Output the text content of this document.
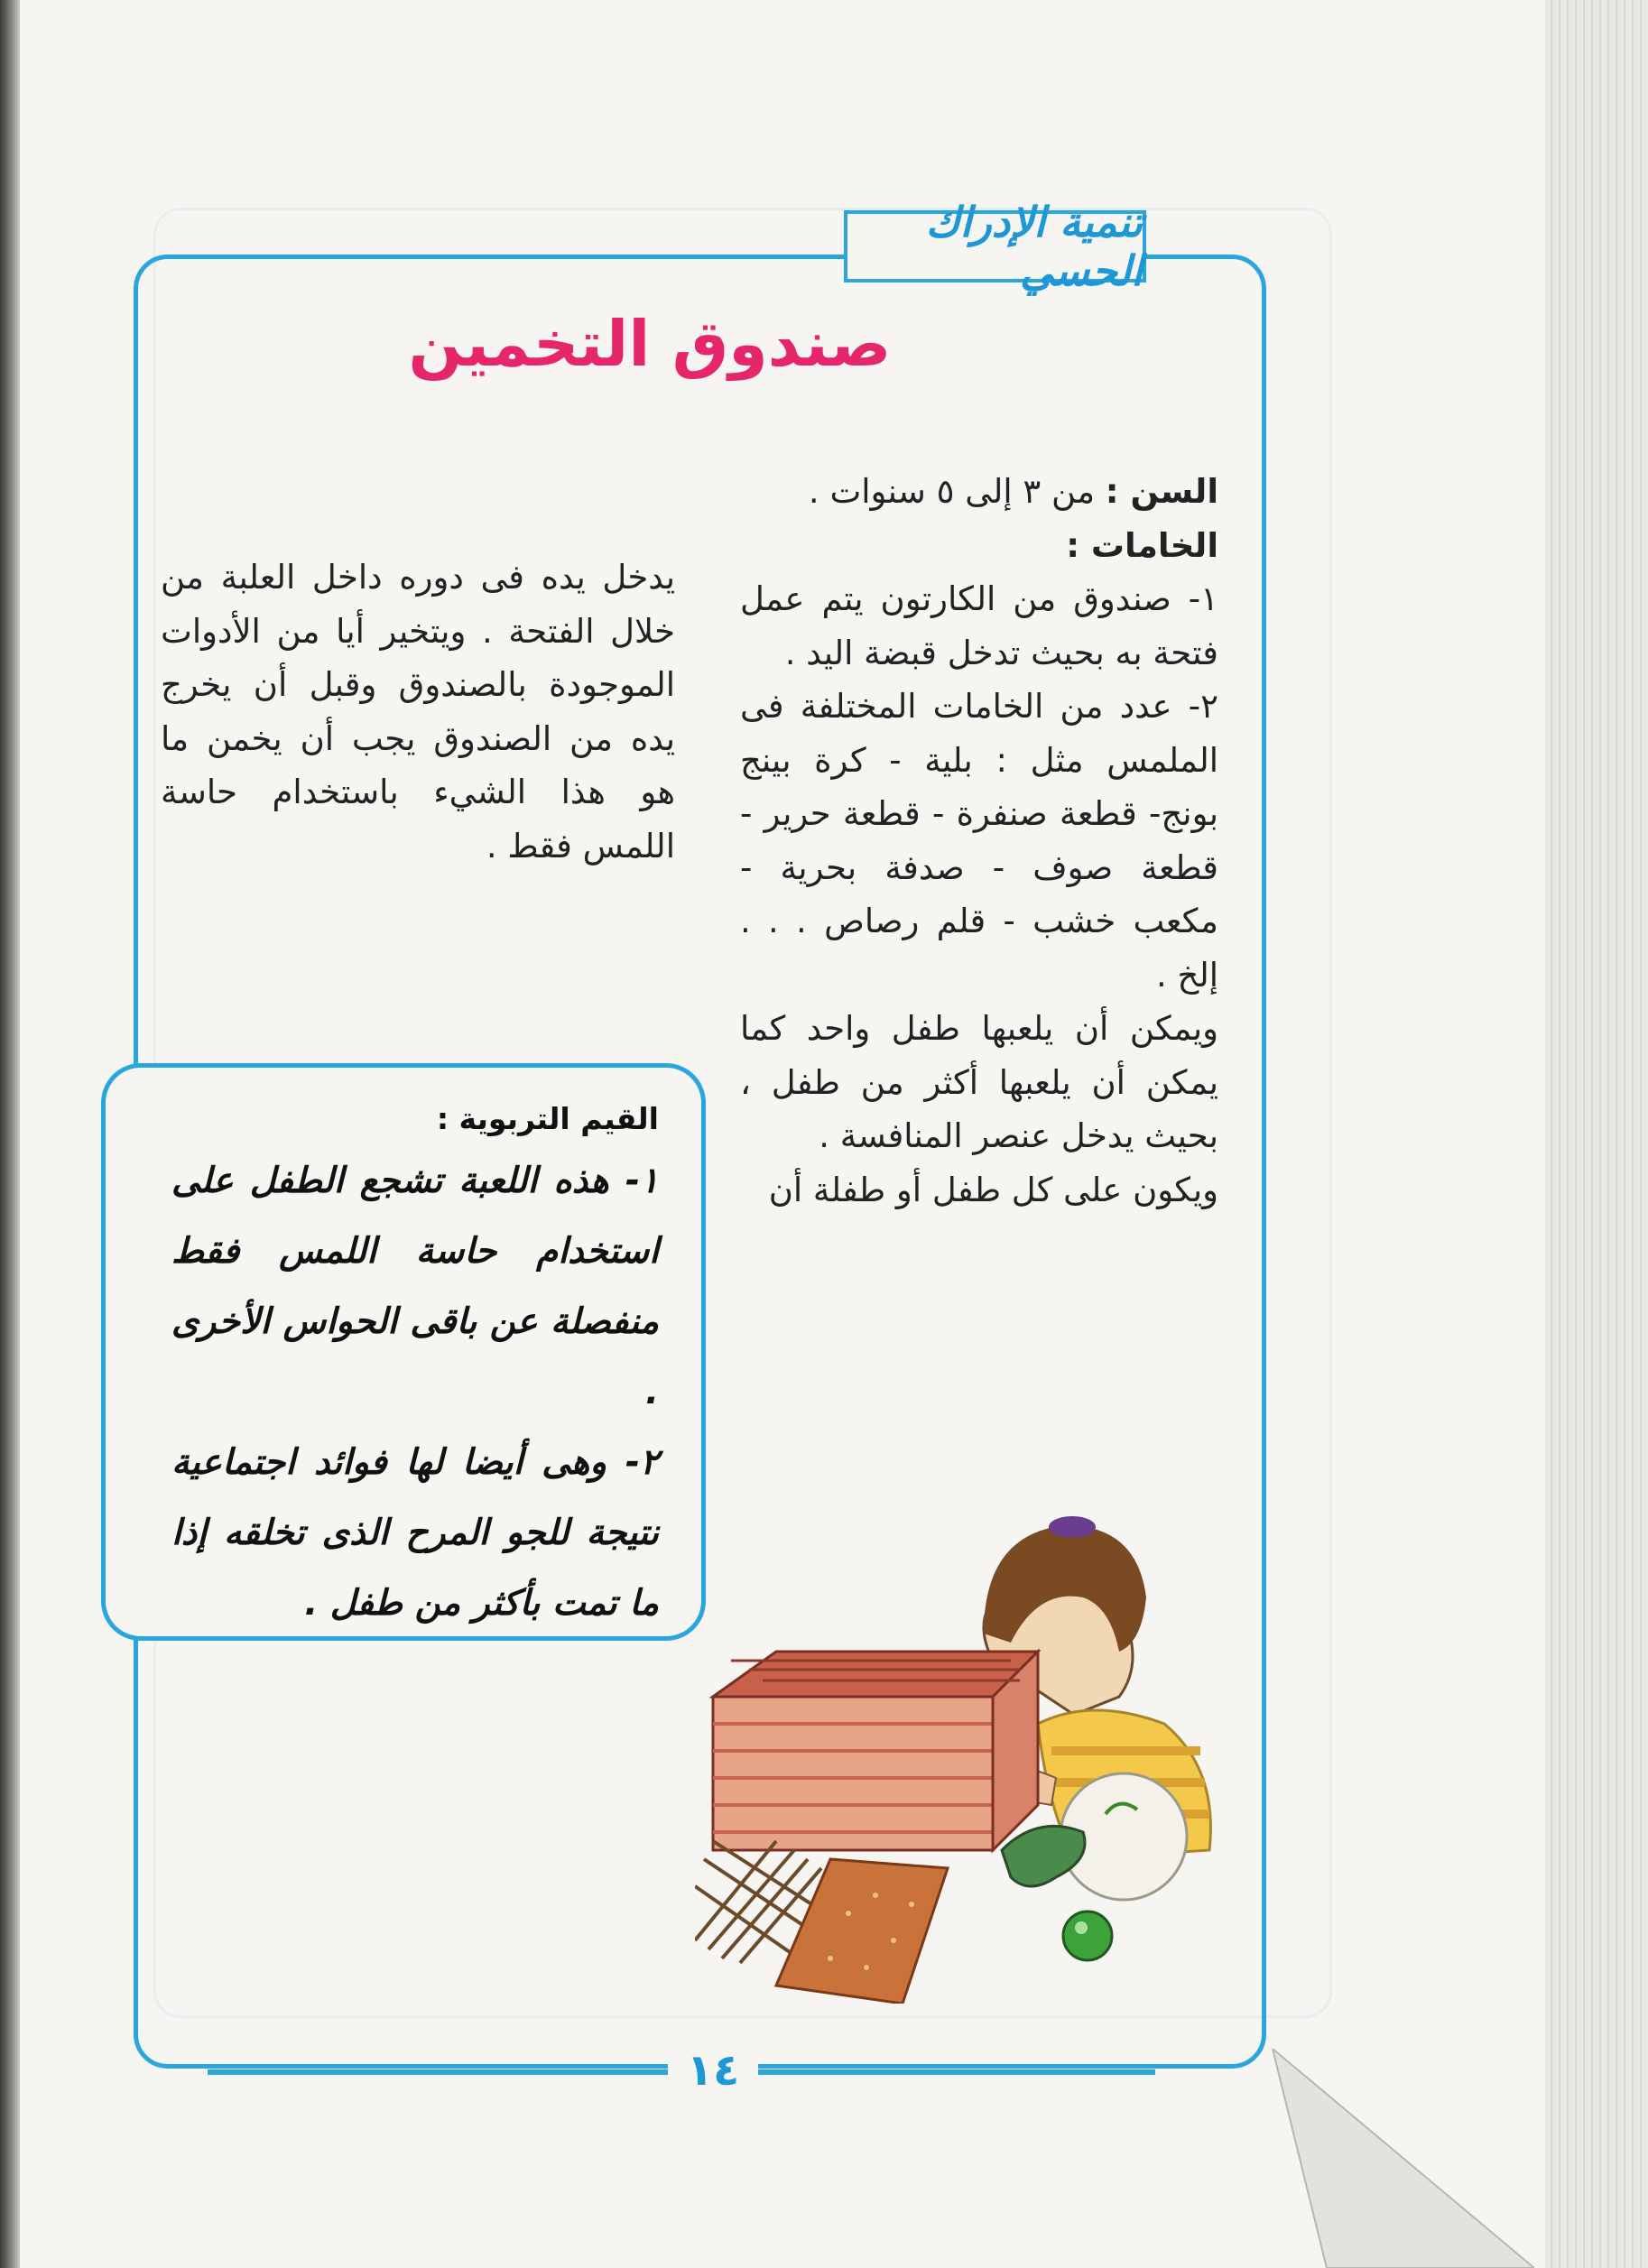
تنمية الإدراك الحسي
صندوق التخمين

السن : من ٣ إلى ٥ سنوات .

الخامات :

١- صندوق من الكارتون يتم عمل فتحة به بحيث تدخل قبضة اليد .

٢- عدد من الخامات المختلفة فى الملمس مثل : بلية - كرة بينج بونج- قطعة صنفرة - قطعة حرير - قطعة صوف - صدفة بحرية - مكعب خشب - قلم رصاص . . . إلخ .

ويمكن أن يلعبها طفل واحد كما يمكن أن يلعبها أكثر من طفل ، بحيث يدخل عنصر المنافسة .

ويكون على كل طفل أو طفلة أن

يدخل يده فى دوره داخل العلبة من خلال الفتحة . ويتخير أيا من الأدوات الموجودة بالصندوق وقبل أن يخرج يده من الصندوق يجب أن يخمن ما هو هذا الشيء باستخدام حاسة اللمس فقط .

القيم التربوية :

١- هذه اللعبة تشجع الطفل على استخدام حاسة اللمس فقط منفصلة عن باقى الحواس الأخرى .

٢- وهى أيضا لها فوائد اجتماعية نتيجة للجو المرح الذى تخلقه إذا ما تمت بأكثر من طفل .

١٤
